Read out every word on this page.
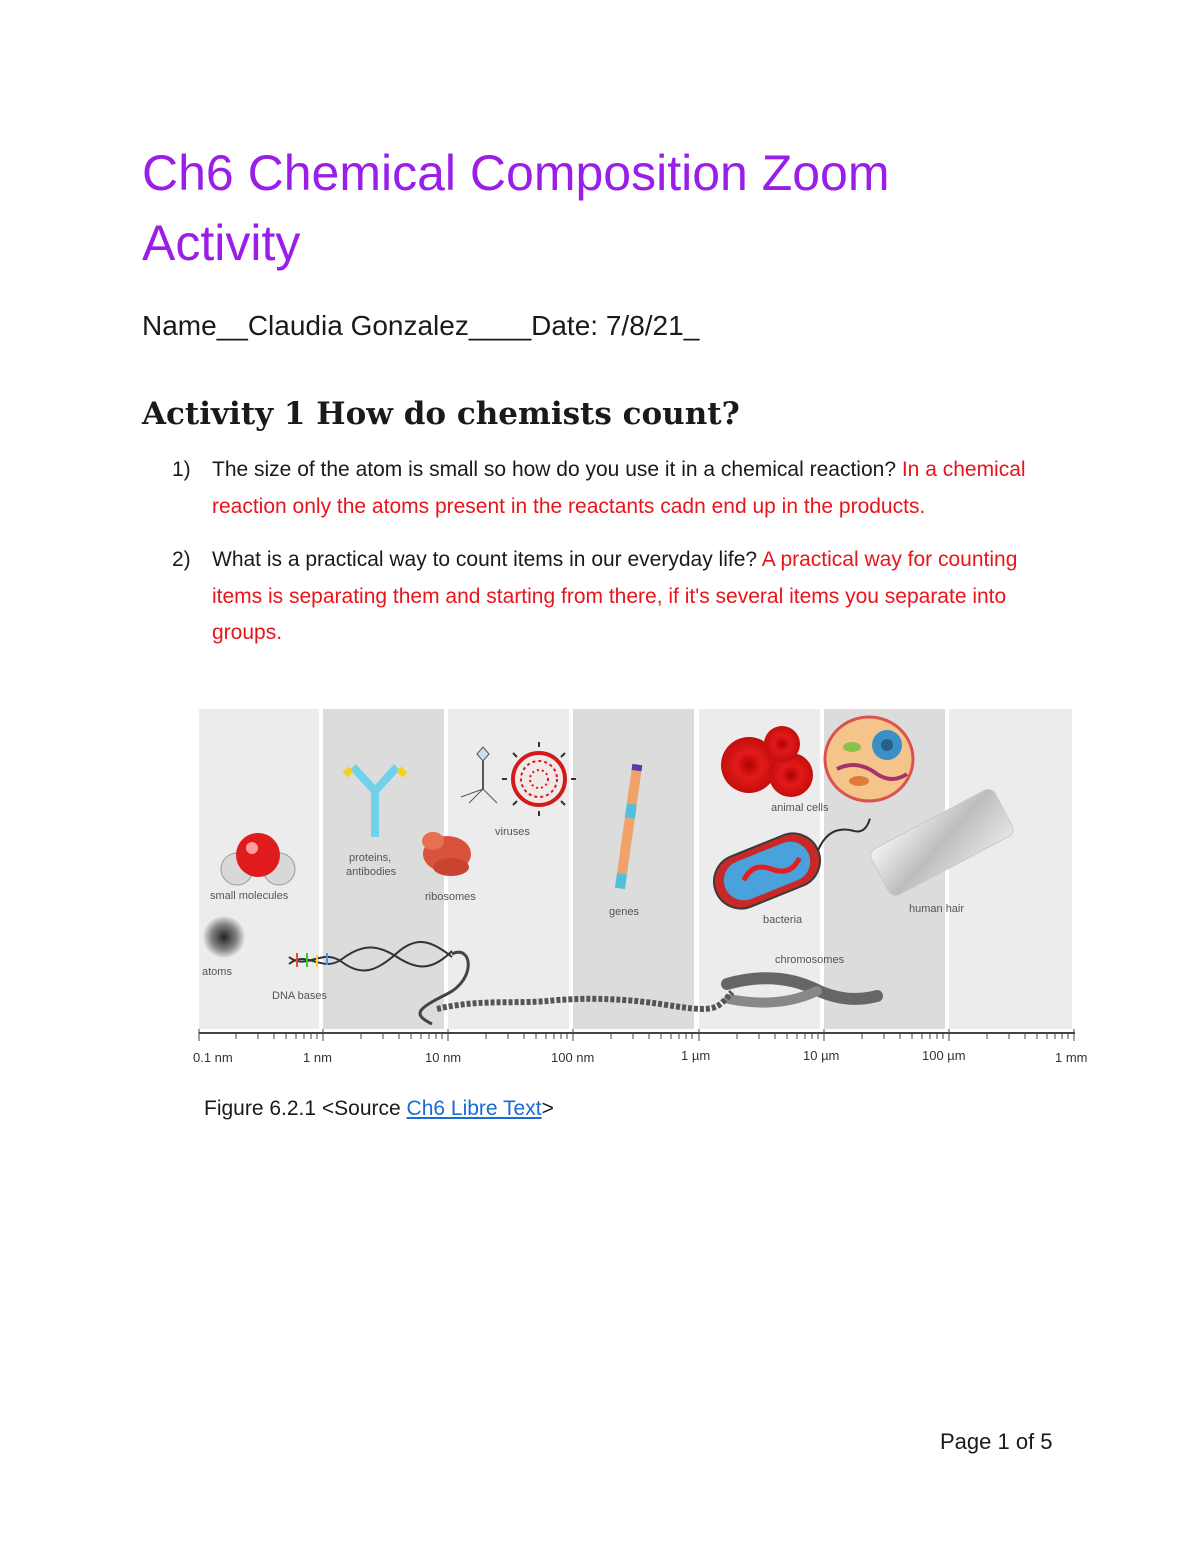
Ch6 Chemical Composition Zoom Activity
Name__Claudia Gonzalez____Date: 7/8/21_
Activity 1 How do chemists count?
1) The size of the atom is small so how do you use it in a chemical reaction? In a chemical reaction only the atoms present in the reactants cadn end up in the products.
2) What is a practical way to count items in our everyday life? A practical way for counting items is separating them and starting from there, if it's several items you separate into groups.
atoms
small molecules
proteins,
antibodies
ribosomes
viruses
genes
animal cells
bacteria
human hair
chromosomes
DNA bases
0.1 nm	1 nm	10 nm	100 nm	1 µm	10 µm	100 µm	1 mm
Figure 6.2.1 <Source Ch6 Libre Text>
Page 1 of 5
